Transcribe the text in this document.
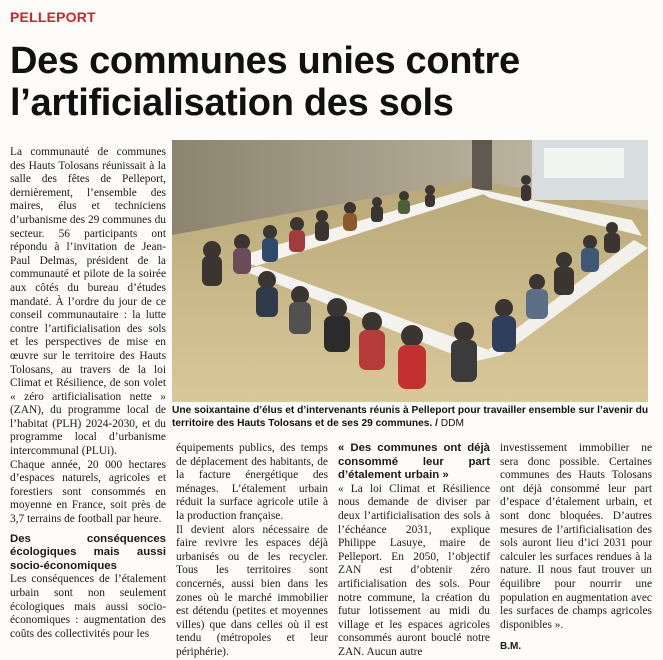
PELLEPORT
Des communes unies contre l’artificialisation des sols
Une soixantaine d’élus et d’intervenants réunis à Pelleport pour travailler ensemble sur l’avenir du territoire des Hauts Tolosans et de ses 29 communes. / DDM

La communauté de communes des Hauts Tolosans réunissait à la salle des fêtes de Pelleport, dernièrement, l’ensemble des maires, élus et techniciens d’urbanisme des 29 communes du secteur. 56 participants ont répondu à l’invitation de Jean-Paul Delmas, président de la communauté et pilote de la soirée aux côtés du bureau d’études mandaté. À l’ordre du jour de ce conseil communautaire : la lutte contre l’artificialisation des sols et les perspectives de mise en œuvre sur le territoire des Hauts Tolosans, au travers de la loi Climat et Résilience, de son volet « zéro artificialisation nette » (ZAN), du programme local de l’habitat (PLH) 2024-2030, et du programme local d’urbanisme intercommunal (PLUi).

Chaque année, 20 000 hectares d’espaces naturels, agricoles et forestiers sont consommés en moyenne en France, soit près de 3,7 terrains de football par heure.

Des conséquences écologiques mais aussi socio-économiques

Les conséquences de l’étalement urbain sont non seulement écologiques mais aussi socio-économiques : augmentation des coûts des collectivités pour les

équipements publics, des temps de déplacement des habitants, de la facture énergétique des ménages. L’étalement urbain réduit la surface agricole utile à la production française.

Il devient alors nécessaire de faire revivre les espaces déjà urbanisés ou de les recycler. Tous les territoires sont concernés, aussi bien dans les zones où le marché immobilier est détendu (petites et moyennes villes) que dans celles où il est tendu (métropoles et leur périphérie).

« Des communes ont déjà consommé leur part d’étalement urbain »

« La loi Climat et Résilience nous demande de diviser par deux l’artificialisation des sols à l’échéance 2031, explique Philippe Lasuye, maire de Pelleport. En 2050, l’objectif ZAN est d’obtenir zéro artificialisation des sols. Pour notre commune, la création du futur lotissement au midi du village et les espaces agricoles consommés auront bouclé notre ZAN. Aucun autre

investissement immobilier ne sera donc possible. Certaines communes des Hauts Tolosans ont déjà consommé leur part d’espace d’étalement urbain, et sont donc bloquées. D’autres mesures de l’artificialisation des sols auront lieu d’ici 2031 pour calculer les surfaces rendues à la nature. Il nous faut trouver un équilibre pour nourrir une population en augmentation avec les surfaces de champs agricoles disponibles ».

B.M.
